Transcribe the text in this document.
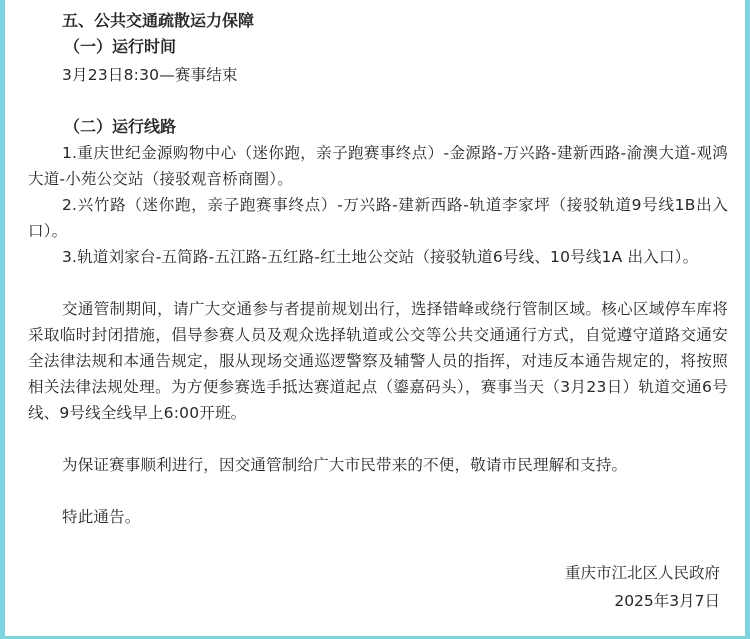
五、公共交通疏散运力保障
（一）运行时间
3月23日8:30—赛事结束
（二）运行线路
1.重庆世纪金源购物中心（迷你跑，亲子跑赛事终点）-金源路-万兴路-建新西路-渝澳大道-观鸿大道-小苑公交站（接驳观音桥商圈）。
2.兴竹路（迷你跑，亲子跑赛事终点）-万兴路-建新西路-轨道李家坪（接驳轨道9号线1B出入口）。
3.轨道刘家台-五简路-五江路-五红路-红土地公交站（接驳轨道6号线、10号线1A 出入口）。
交通管制期间，请广大交通参与者提前规划出行，选择错峰或绕行管制区域。核心区域停车库将采取临时封闭措施，倡导参赛人员及观众选择轨道或公交等公共交通通行方式，自觉遵守道路交通安全法律法规和本通告规定，服从现场交通巡逻警察及辅警人员的指挥，对违反本通告规定的，将按照相关法律法规处理。为方便参赛选手抵达赛道起点（鎏嘉码头），赛事当天（3月23日）轨道交通6号线、9号线全线早上6:00开班。
为保证赛事顺利进行，因交通管制给广大市民带来的不便，敬请市民理解和支持。
特此通告。
重庆市江北区人民政府
2025年3月7日
